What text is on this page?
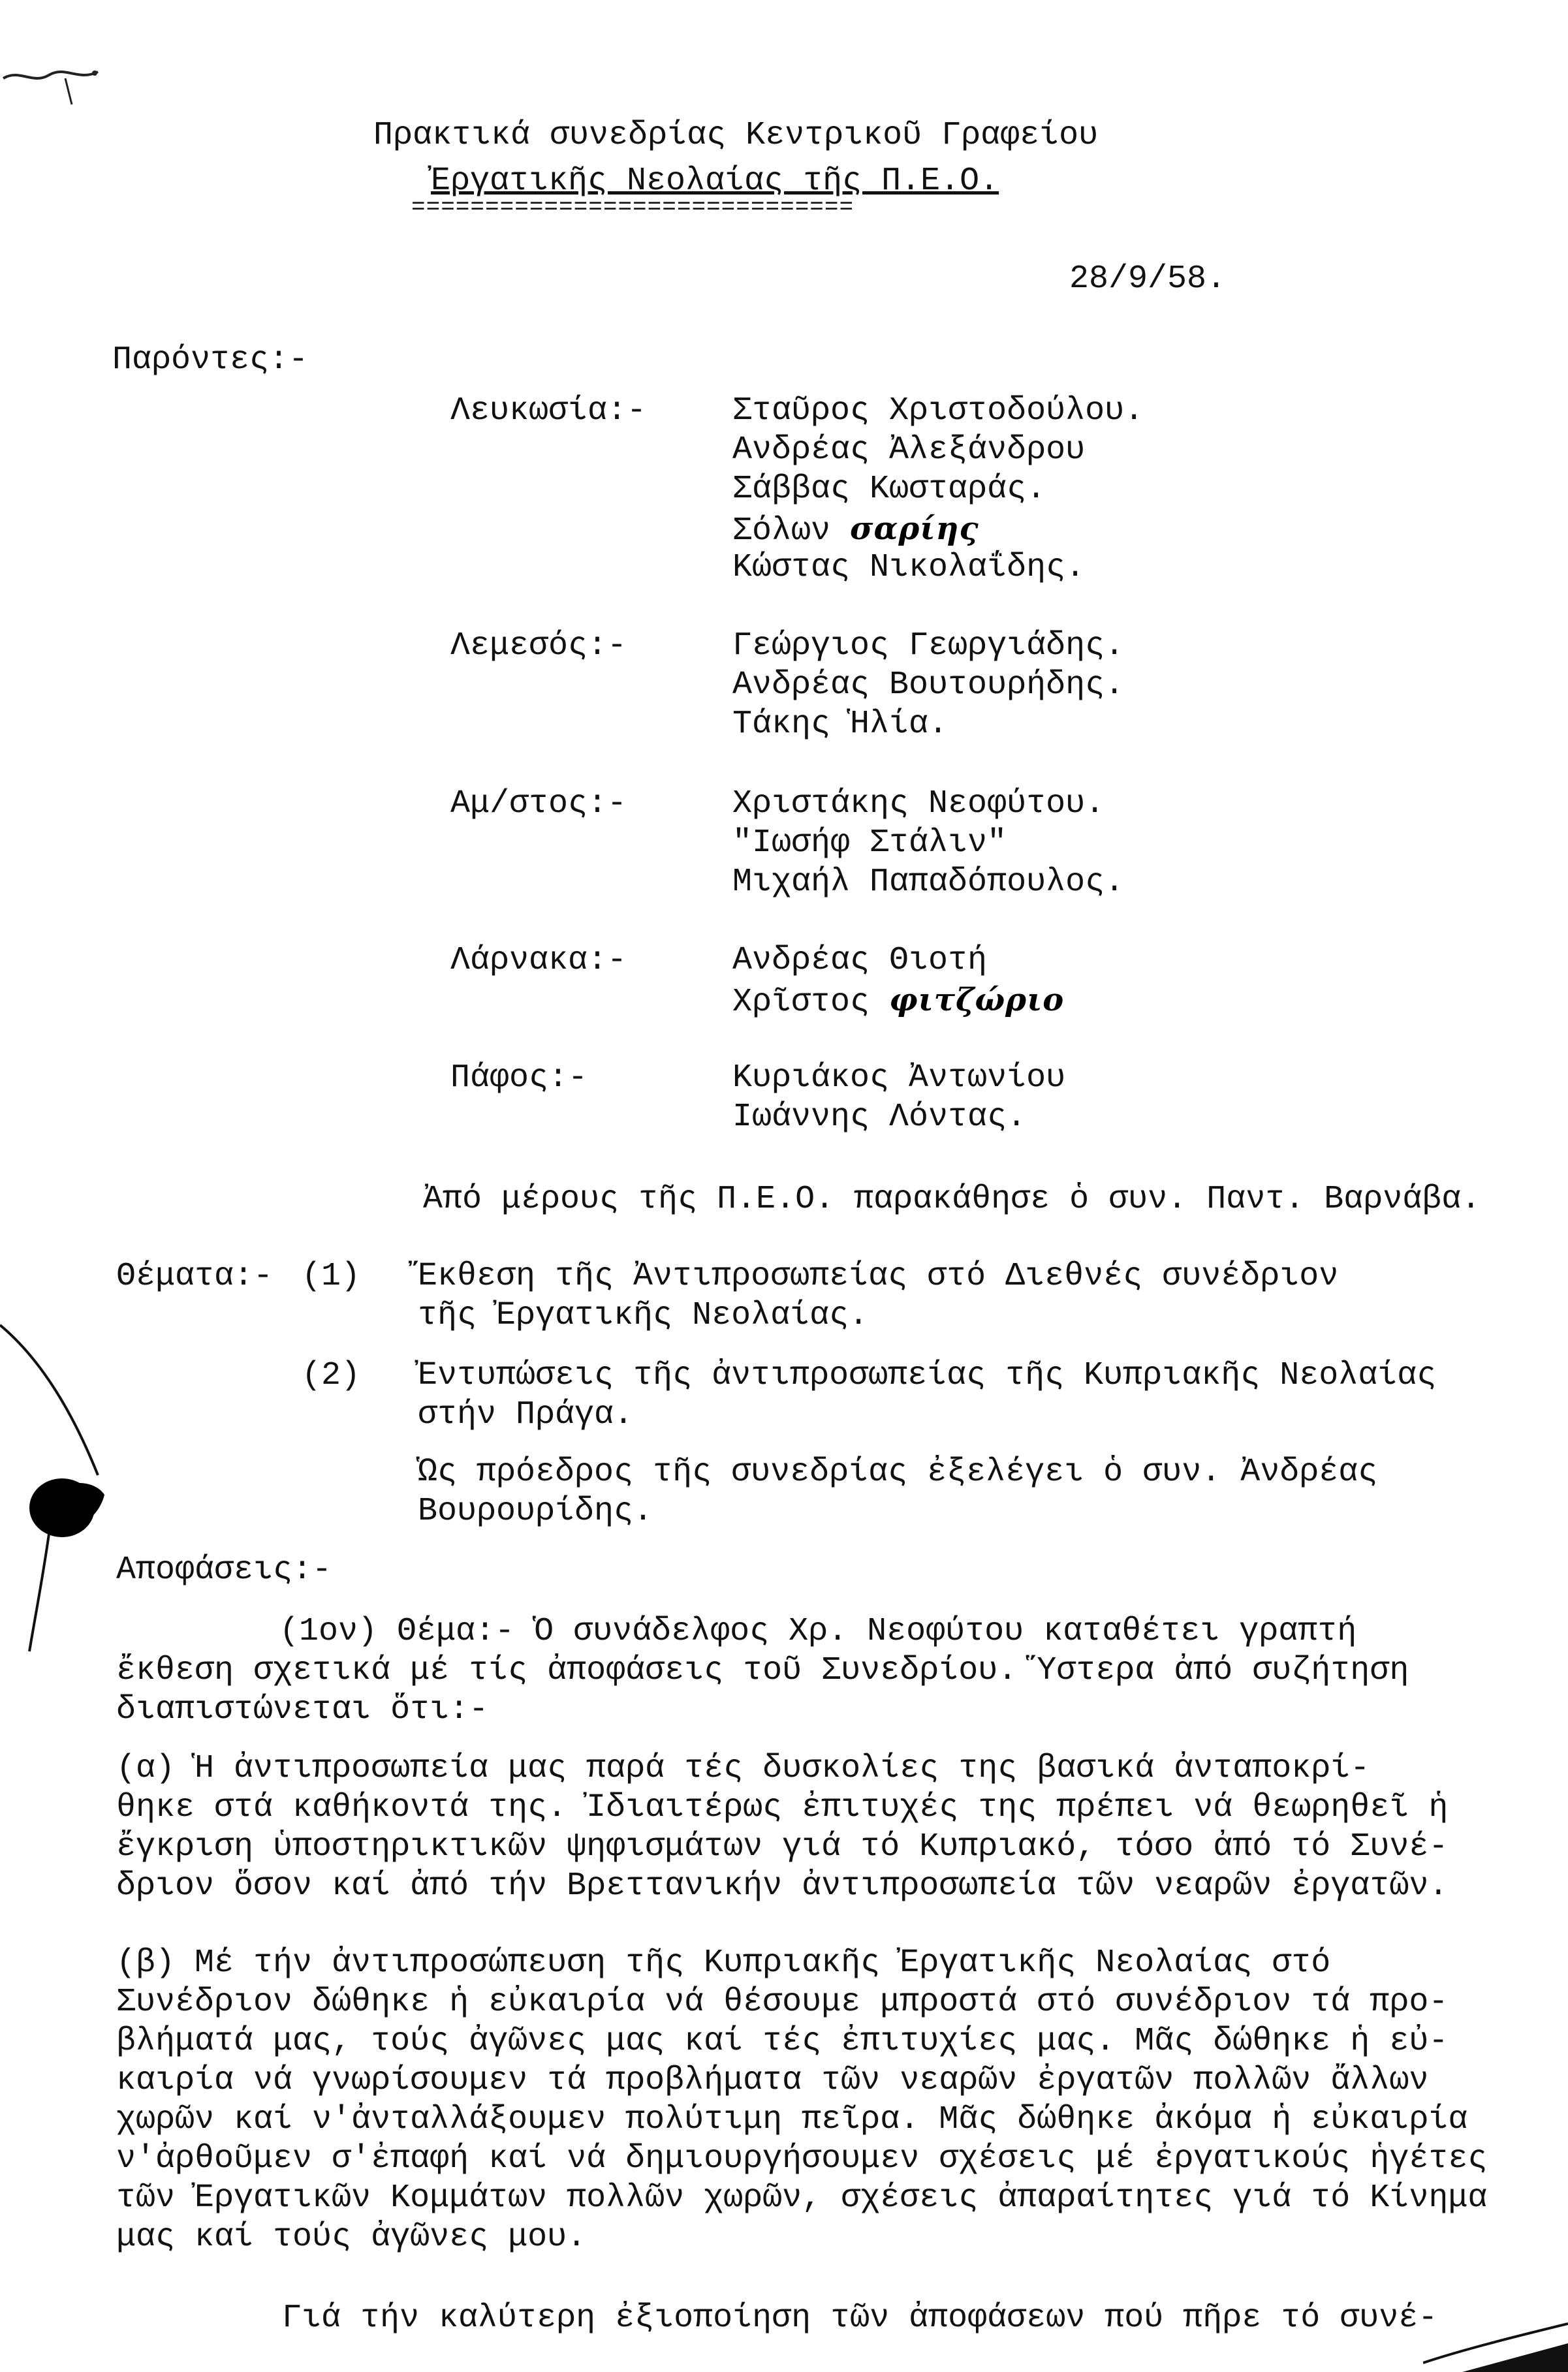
Πρακτικά συνεδρίας Κεντρικοῦ Γραφείου
Ἐργατικῆς Νεολαίας τῆς Π.Ε.Ο.
==============================
28/9/58.
Παρόντες:-
Λευκωσία:-	Σταῦρος Χριστοδούλου.
Ανδρέας Ἀλεξάνδρου
Σάββας Κωσταράς.
Σόλων σαρίης
Κώστας Νικολαΐδης.
Λεμεσός:-	Γεώργιος Γεωργιάδης.
Ανδρέας Βουτουρήδης.
Τάκης Ἡλία.
Αμ/στος:-	Χριστάκης Νεοφύτου.
"Ιωσήφ Στάλιν"
Μιχαήλ Παπαδόπουλος.
Λάρνακα:-	Ανδρέας Θιοτή
Χρῖστος φιτζώριο
Πάφος:-	Κυριάκος Ἀντωνίου
Ιωάννης Λόντας.
Ἀπό μέρους τῆς Π.Ε.Ο. παρακάθησε ὁ συν. Παντ. Βαρνάβα.
Θέματα:- (1) Ἔκθεση τῆς Ἀντιπροσωπείας στό Διεθνές συνέδριον
τῆς Ἐργατικῆς Νεολαίας.
(2) Ἐντυπώσεις τῆς ἀντιπροσωπείας τῆς Κυπριακῆς Νεολαίας
στήν Πράγα.
Ὡς πρόεδρος τῆς συνεδρίας ἐξελέγει ὁ συν. Ἀνδρέας
Βουρουρίδης.
Αποφάσεις:-
(1ον) Θέμα:- Ὁ συνάδελφος Χρ. Νεοφύτου καταθέτει γραπτή
ἔκθεση σχετικά μέ τίς ἀποφάσεις τοῦ Συνεδρίου. Ὕστερα ἀπό συζήτηση
διαπιστώνεται ὅτι:-
(α) Ἡ ἀντιπροσωπεία μας παρά τές δυσκολίες της βασικά ἀνταποκρί-
θηκε στά καθήκοντά της. Ἰδιαιτέρως ἐπιτυχές της πρέπει νά θεωρηθεῖ ἡ
ἔγκριση ὑποστηρικτικῶν ψηφισμάτων γιά τό Κυπριακό, τόσο ἀπό τό Συνέ-
δριον ὅσον καί ἀπό τήν Βρεττανικήν ἀντιπροσωπεία τῶν νεαρῶν ἐργατῶν.
(β) Μέ τήν ἀντιπροσώπευση τῆς Κυπριακῆς Ἐργατικῆς Νεολαίας στό
Συνέδριον δώθηκε ἡ εὐκαιρία νά θέσουμε μπροστά στό συνέδριον τά προ-
βλήματά μας, τούς ἀγῶνες μας καί τές ἐπιτυχίες μας. Μᾶς δώθηκε ἡ εὐ-
καιρία νά γνωρίσουμεν τά προβλήματα τῶν νεαρῶν ἐργατῶν πολλῶν ἄλλων
χωρῶν καί ν'ἀνταλλάξουμεν πολύτιμη πεῖρα. Μᾶς δώθηκε ἀκόμα ἡ εὐκαιρία
ν'ἀρθοῦμεν σ'ἐπαφή καί νά δημιουργήσουμεν σχέσεις μέ ἐργατικούς ἡγέτες
τῶν Ἐργατικῶν Κομμάτων πολλῶν χωρῶν, σχέσεις ἀπαραίτητες γιά τό Κίνημα
μας καί τούς ἀγῶνες μου.
Γιά τήν καλύτερη ἐξιοποίηση τῶν ἀποφάσεων πού πῆρε τό συνέ-
